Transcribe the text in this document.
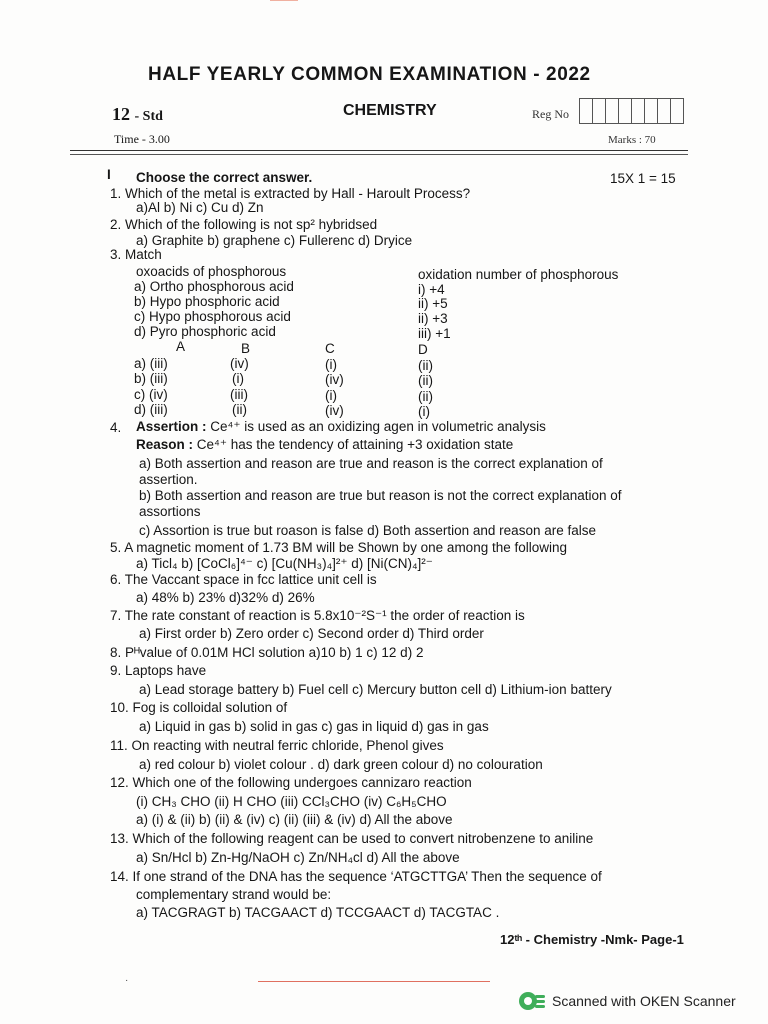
HALF YEARLY COMMON EXAMINATION - 2022
12 - Std	CHEMISTRY	Reg No
Time - 3.00	Marks : 70
I Choose the correct answer.	15X 1 = 15
1. Which of the metal is extracted by Hall - Haroult Process?
a)Al b) Ni c) Cu d) Zn
2. Which of the following is not sp² hybridsed
a) Graphite b) graphene c) Fullerenc d) Dryice
3. Match
oxoacids of phosphorous	oxidation number of phosphorous
a) Ortho phosphorous acid	i) +4
b) Hypo phosphoric acid	ii) +5
c) Hypo phosphorous acid	ii) +3
d) Pyro phosphoric acid	iii) +1
A	B	C	D
a) (iii)	(iv)	(i)	(ii)
b) (iii)	(i)	(iv)	(ii)
c) (iv)	(iii)	(i)	(ii)
d) (iii)	(ii)	(iv)	(i)
4. Assertion : Ce⁴⁺ is used as an oxidizing agen in volumetric analysis
Reason : Ce⁴⁺ has the tendency of attaining +3 oxidation state
a) Both assertion and reason are true and reason is the correct explanation of
assertion.
b) Both assertion and reason are true but reason is not the correct explanation of
assortions
c) Assortion is true but roason is false d) Both assertion and reason are false
5. A magnetic moment of 1.73 BM will be Shown by one among the following
a) Ticl₄ b) [CoCl₆]⁴⁻ c) [Cu(NH₃)₄]²⁺ d) [Ni(CN)₄]²⁻
6. The Vaccant space in fcc lattice unit cell is
a) 48% b) 23% d)32% d) 26%
7. The rate constant of reaction is 5.8x10⁻²S⁻¹ the order of reaction is
a) First order b) Zero order c) Second order d) Third order
8. Pᴴvalue of 0.01M HCl solution a)10 b) 1 c) 12 d) 2
9. Laptops have
a) Lead storage battery b) Fuel cell c) Mercury button cell d) Lithium-ion battery
10. Fog is colloidal solution of
a) Liquid in gas b) solid in gas c) gas in liquid d) gas in gas
11. On reacting with neutral ferric chloride, Phenol gives
a) red colour b) violet colour . d) dark green colour d) no colouration
12. Which one of the following undergoes cannizaro reaction
(i) CH₃ CHO (ii) H CHO (iii) CCl₃CHO (iv) C₆H₅CHO
a) (i) & (ii) b) (ii) & (iv) c) (ii) (iii) & (iv) d) All the above
13. Which of the following reagent can be used to convert nitrobenzene to aniline
a) Sn/Hcl b) Zn-Hg/NaOH c) Zn/NH₄cl d) All the above
14. If one strand of the DNA has the sequence ‘ATGCTTGA’ Then the sequence of
complementary strand would be:
a) TACGRAGT b) TACGAACT d) TCCGAACT d) TACGTAC .
12ᵗʰ - Chemistry -Nmk- Page-1
·
Scanned with OKEN Scanner
